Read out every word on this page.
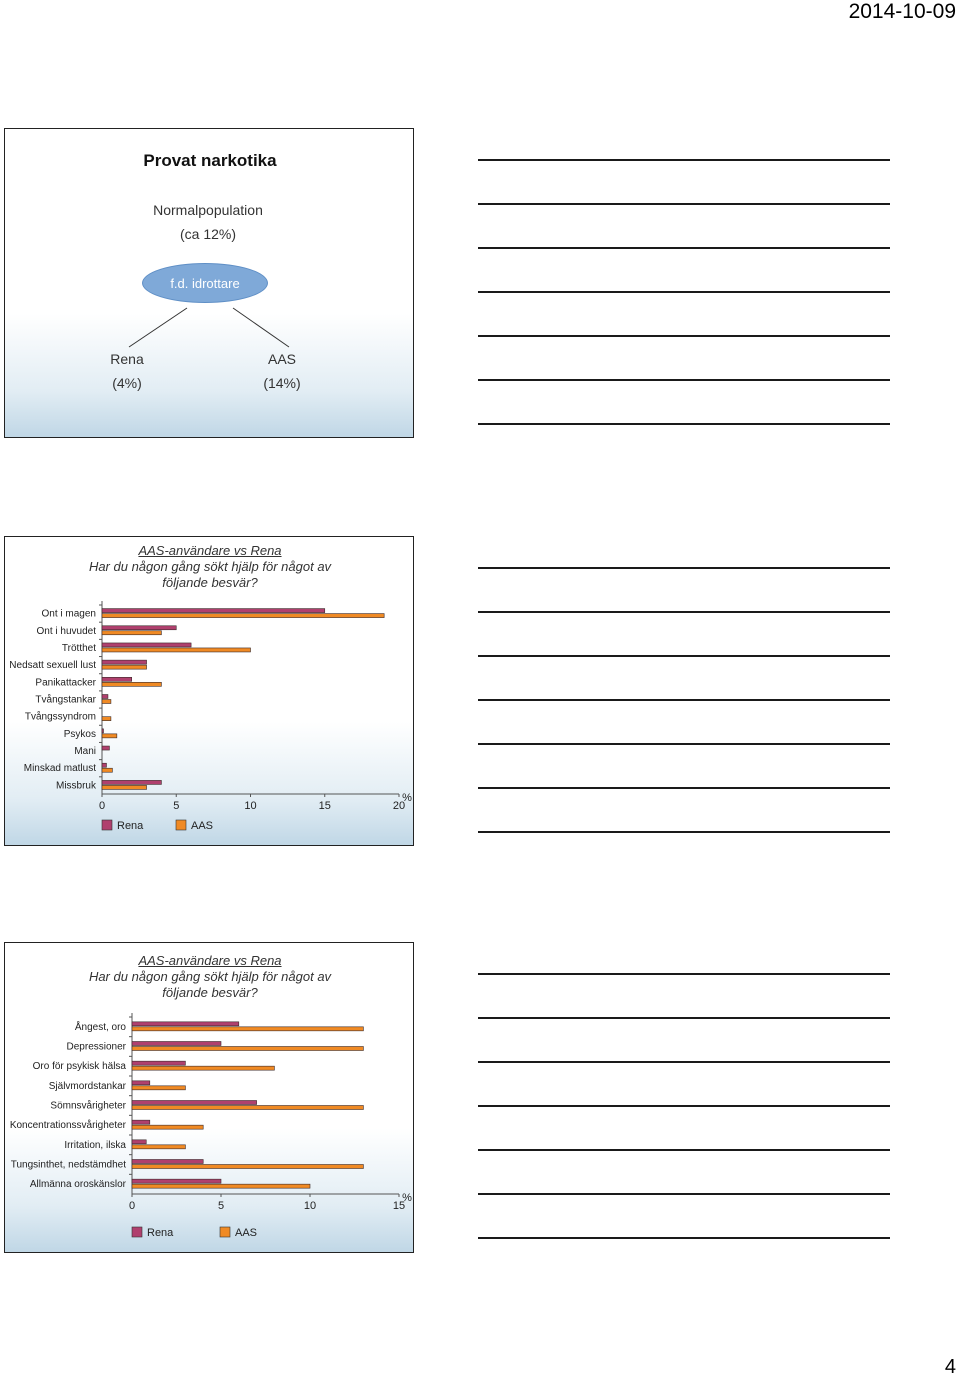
2014-10-09
Provat narkotika
Normalpopulation
(ca 12%)
f.d. idrottare
Rena
(4%)
AAS
(14%)
AAS-användare vs Rena
Har du någon gång sökt hjälp för något av
följande besvär?
Ont i magen
Ont i huvudet
Trötthet
Nedsatt sexuell lust
Panikattacker
Tvångstankar
Tvångssyndrom
Psykos
Mani
Minskad matlust
Missbruk
0	5	10	15	20
%
Rena	AAS
AAS-användare vs Rena
Har du någon gång sökt hjälp för något av
följande besvär?
Ångest, oro
Depressioner
Oro för psykisk hälsa
Självmordstankar
Sömnsvårigheter
Koncentrationssvårigheter
Irritation, ilska
Tungsinthet, nedstämdhet
Allmänna oroskänslor
0	5	10	15
%
Rena	AAS
4
